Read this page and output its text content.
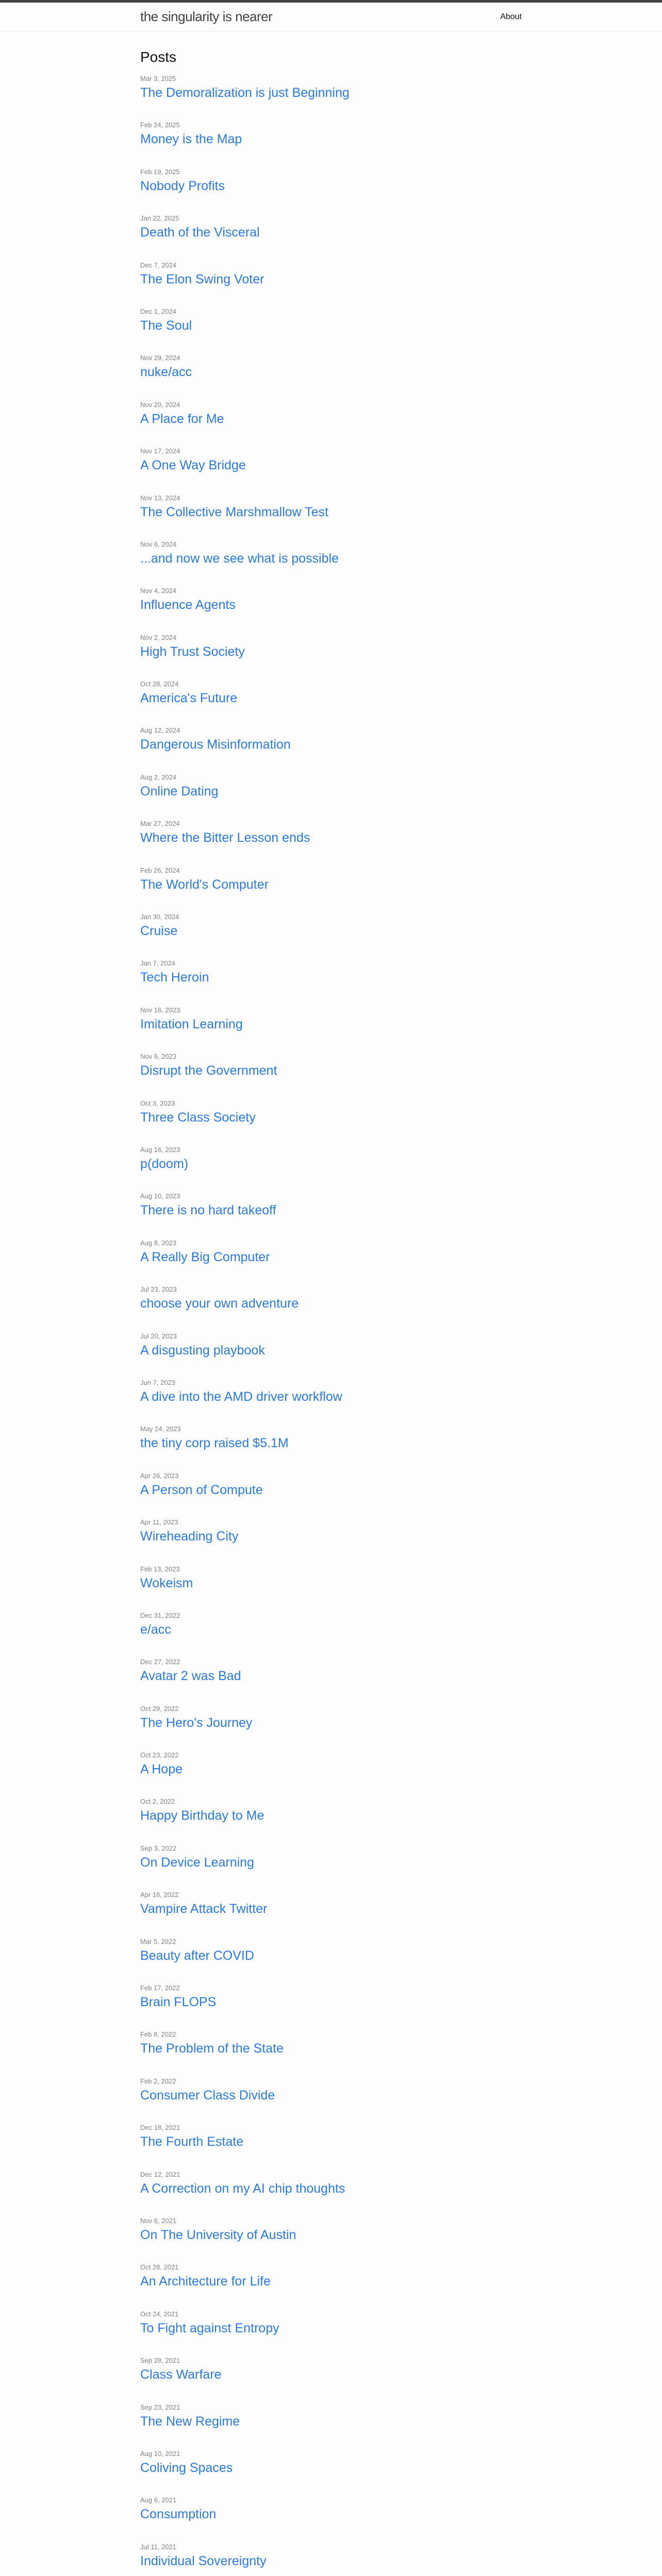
the singularity is nearer	About
Posts
Mar 3, 2025
The Demoralization is just Beginning
Feb 24, 2025
Money is the Map
Feb 19, 2025
Nobody Profits
Jan 22, 2025
Death of the Visceral
Dec 7, 2024
The Elon Swing Voter
Dec 1, 2024
The Soul
Nov 29, 2024
nuke/acc
Nov 20, 2024
A Place for Me
Nov 17, 2024
A One Way Bridge
Nov 13, 2024
The Collective Marshmallow Test
Nov 6, 2024
...and now we see what is possible
Nov 4, 2024
Influence Agents
Nov 2, 2024
High Trust Society
Oct 28, 2024
America's Future
Aug 12, 2024
Dangerous Misinformation
Aug 2, 2024
Online Dating
Mar 27, 2024
Where the Bitter Lesson ends
Feb 26, 2024
The World's Computer
Jan 30, 2024
Cruise
Jan 7, 2024
Tech Heroin
Nov 16, 2023
Imitation Learning
Nov 6, 2023
Disrupt the Government
Oct 3, 2023
Three Class Society
Aug 16, 2023
p(doom)
Aug 10, 2023
There is no hard takeoff
Aug 8, 2023
A Really Big Computer
Jul 23, 2023
choose your own adventure
Jul 20, 2023
A disgusting playbook
Jun 7, 2023
A dive into the AMD driver workflow
May 24, 2023
the tiny corp raised $5.1M
Apr 26, 2023
A Person of Compute
Apr 11, 2023
Wireheading City
Feb 13, 2023
Wokeism
Dec 31, 2022
e/acc
Dec 27, 2022
Avatar 2 was Bad
Oct 29, 2022
The Hero's Journey
Oct 23, 2022
A Hope
Oct 2, 2022
Happy Birthday to Me
Sep 3, 2022
On Device Learning
Apr 16, 2022
Vampire Attack Twitter
Mar 5, 2022
Beauty after COVID
Feb 17, 2022
Brain FLOPS
Feb 8, 2022
The Problem of the State
Feb 2, 2022
Consumer Class Divide
Dec 18, 2021
The Fourth Estate
Dec 12, 2021
A Correction on my AI chip thoughts
Nov 6, 2021
On The University of Austin
Oct 28, 2021
An Architecture for Life
Oct 24, 2021
To Fight against Entropy
Sep 28, 2021
Class Warfare
Sep 23, 2021
The New Regime
Aug 10, 2021
Coliving Spaces
Aug 6, 2021
Consumption
Jul 11, 2021
Individual Sovereignty
